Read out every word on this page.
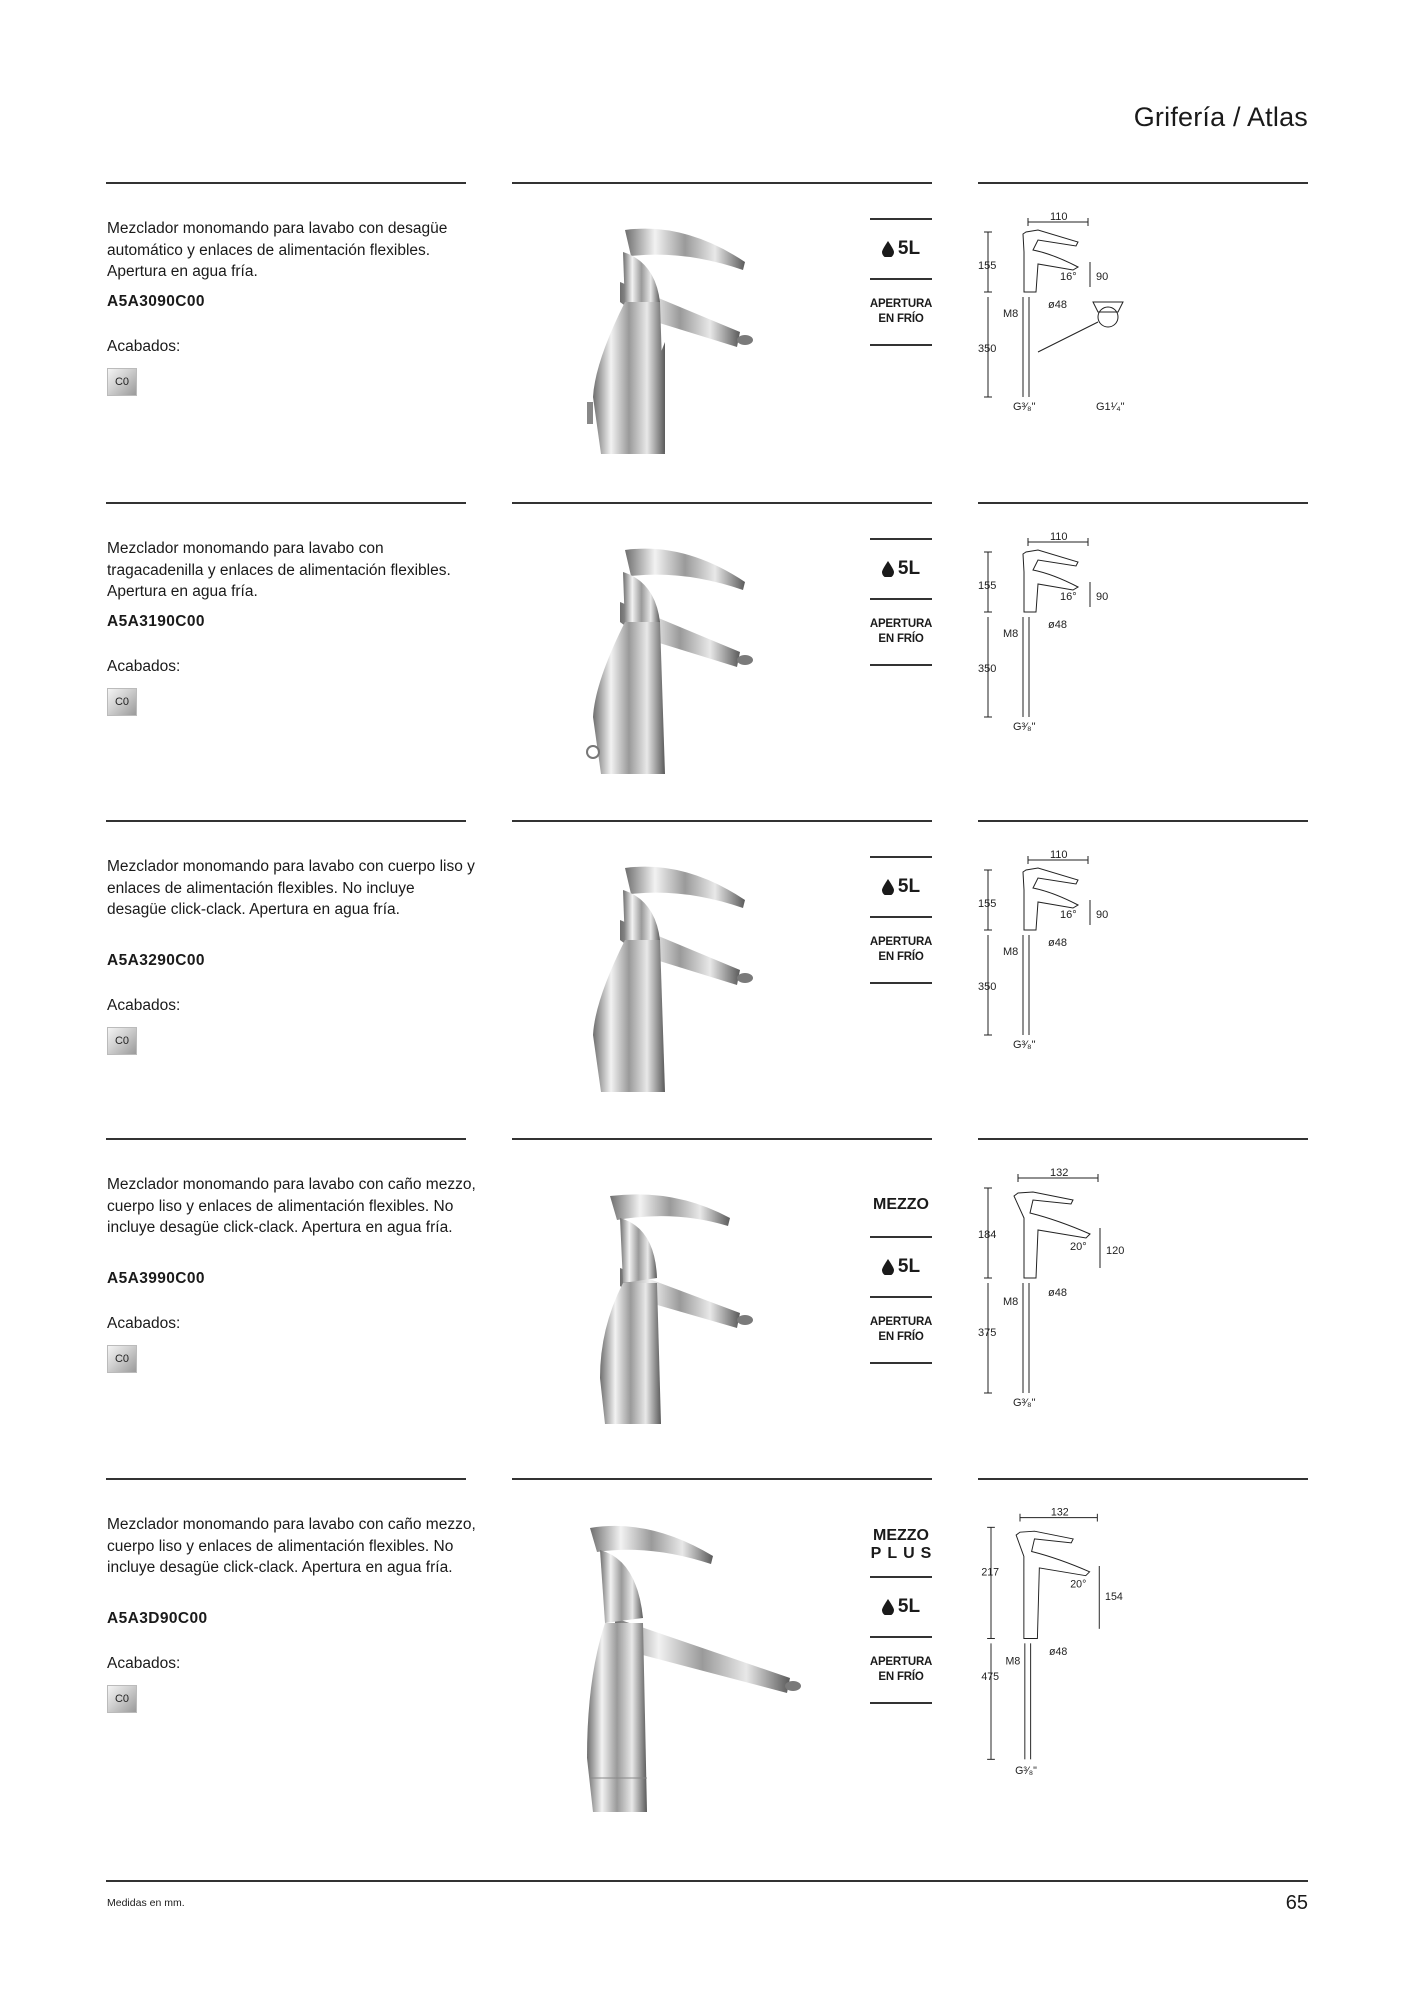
Grifería / Atlas

Mezclador monomando para lavabo con desagüe automático y enlaces de alimentación flexibles. Apertura en agua fría.

A5A3090C00
Acabados:
C0
5L
APERTURA
EN FRÍO
110
155
16° 90
ø48
M8
350
G³⁄₈"	G1¹⁄₄"

Mezclador monomando para lavabo con tragacadenilla y enlaces de alimentación flexibles. Apertura en agua fría.

A5A3190C00
Acabados:
C0
5L
APERTURA
EN FRÍO
110
155
16° 90
ø48
M8
350
G³⁄₈"

Mezclador monomando para lavabo con cuerpo liso y enlaces de alimentación flexibles. No incluye desagüe click-clack. Apertura en agua fría.

A5A3290C00
Acabados:
C0
5L
APERTURA
EN FRÍO
110
155
16° 90
ø48
M8
350
G³⁄₈"

Mezclador monomando para lavabo con caño mezzo, cuerpo liso y enlaces de alimentación flexibles. No incluye desagüe click-clack. Apertura en agua fría.

A5A3990C00
Acabados:
C0
MEZZO
5L
APERTURA
EN FRÍO
132
184
20° 120
ø48
M8
375
G³⁄₈"

Mezclador monomando para lavabo con caño mezzo, cuerpo liso y enlaces de alimentación flexibles. No incluye desagüe click-clack. Apertura en agua fría.

A5A3D90C00
Acabados:
C0
MEZZO
PLUS
5L
APERTURA
EN FRÍO
132
217
20°
154
ø48
M8
475
G³⁄₈"
Medidas en mm.	65
